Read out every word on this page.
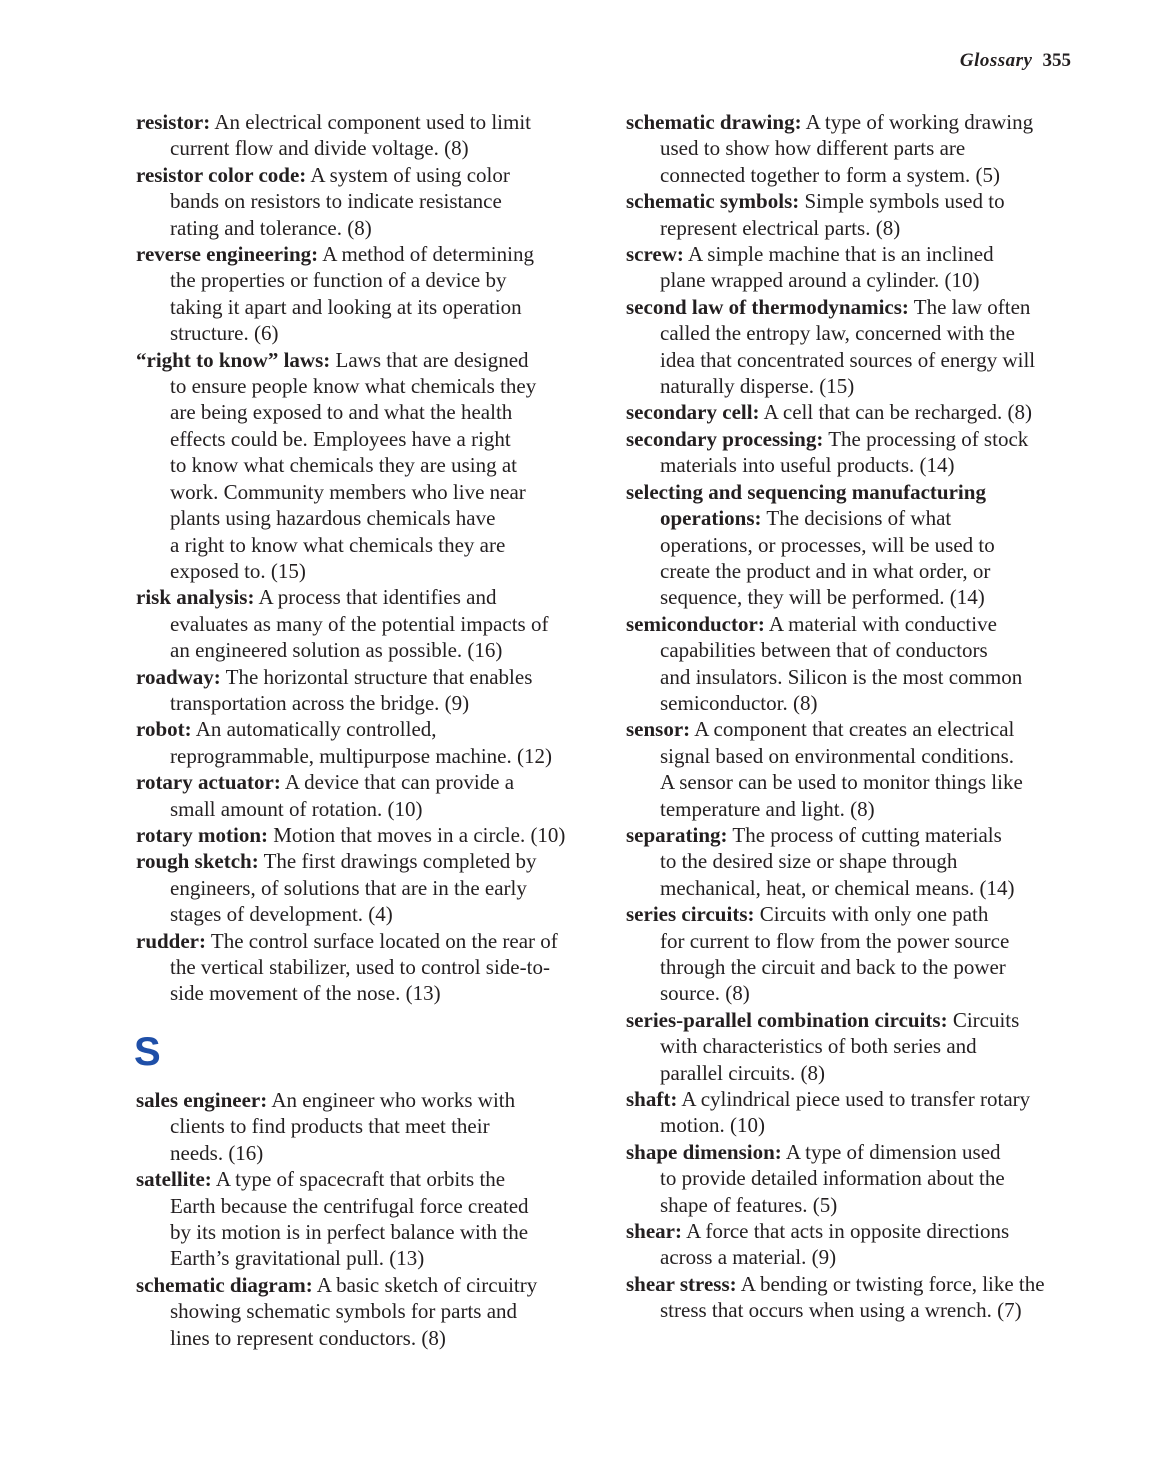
Glossary 355
resistor: An electrical component used to limit
current flow and divide voltage. (8)
resistor color code: A system of using color
bands on resistors to indicate resistance
rating and tolerance. (8)
reverse engineering: A method of determining
the properties or function of a device by
taking it apart and looking at its operation
structure. (6)
“right to know” laws: Laws that are designed
to ensure people know what chemicals they
are being exposed to and what the health
effects could be. Employees have a right
to know what chemicals they are using at
work. Community members who live near
plants using hazardous chemicals have
a right to know what chemicals they are
exposed to. (15)
risk analysis: A process that identifies and
evaluates as many of the potential impacts of
an engineered solution as possible. (16)
roadway: The horizontal structure that enables
transportation across the bridge. (9)
robot: An automatically controlled,
reprogrammable, multipurpose machine. (12)
rotary actuator: A device that can provide a
small amount of rotation. (10)
rotary motion: Motion that moves in a circle. (10)
rough sketch: The first drawings completed by
engineers, of solutions that are in the early
stages of development. (4)
rudder: The control surface located on the rear of
the vertical stabilizer, used to control side-to-
side movement of the nose. (13)
S
sales engineer: An engineer who works with
clients to find products that meet their
needs. (16)
satellite: A type of spacecraft that orbits the
Earth because the centrifugal force created
by its motion is in perfect balance with the
Earth’s gravitational pull. (13)
schematic diagram: A basic sketch of circuitry
showing schematic symbols for parts and
lines to represent conductors. (8)
schematic drawing: A type of working drawing
used to show how different parts are
connected together to form a system. (5)
schematic symbols: Simple symbols used to
represent electrical parts. (8)
screw: A simple machine that is an inclined
plane wrapped around a cylinder. (10)
second law of thermodynamics: The law often
called the entropy law, concerned with the
idea that concentrated sources of energy will
naturally disperse. (15)
secondary cell: A cell that can be recharged. (8)
secondary processing: The processing of stock
materials into useful products. (14)
selecting and sequencing manufacturing
operations: The decisions of what
operations, or processes, will be used to
create the product and in what order, or
sequence, they will be performed. (14)
semiconductor: A material with conductive
capabilities between that of conductors
and insulators. Silicon is the most common
semiconductor. (8)
sensor: A component that creates an electrical
signal based on environmental conditions.
A sensor can be used to monitor things like
temperature and light. (8)
separating: The process of cutting materials
to the desired size or shape through
mechanical, heat, or chemical means. (14)
series circuits: Circuits with only one path
for current to flow from the power source
through the circuit and back to the power
source. (8)
series-parallel combination circuits: Circuits
with characteristics of both series and
parallel circuits. (8)
shaft: A cylindrical piece used to transfer rotary
motion. (10)
shape dimension: A type of dimension used
to provide detailed information about the
shape of features. (5)
shear: A force that acts in opposite directions
across a material. (9)
shear stress: A bending or twisting force, like the
stress that occurs when using a wrench. (7)
